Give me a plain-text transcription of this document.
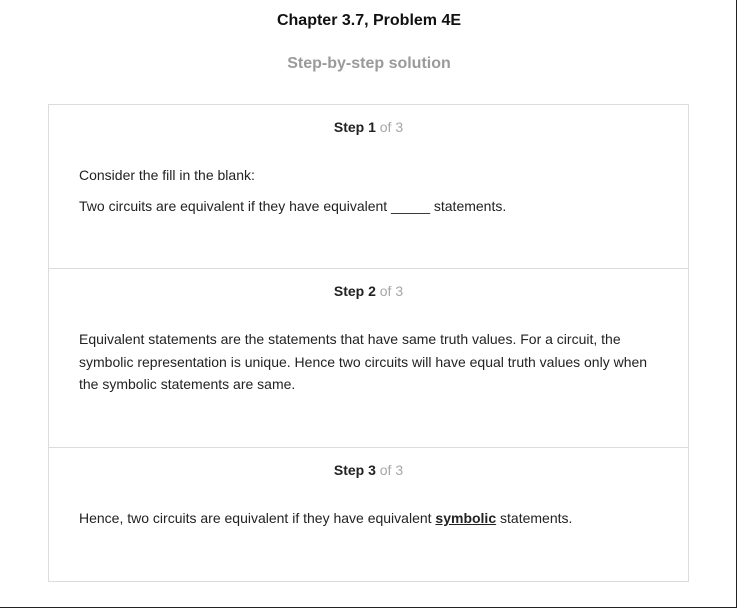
Chapter 3.7, Problem 4E
Step-by-step solution
Step 1 of 3

Consider the fill in the blank:

Two circuits are equivalent if they have equivalent _____ statements.

Step 2 of 3

Equivalent statements are the statements that have same truth values. For a circuit, the symbolic representation is unique. Hence two circuits will have equal truth values only when the symbolic statements are same.

Step 3 of 3

Hence, two circuits are equivalent if they have equivalent symbolic statements.
